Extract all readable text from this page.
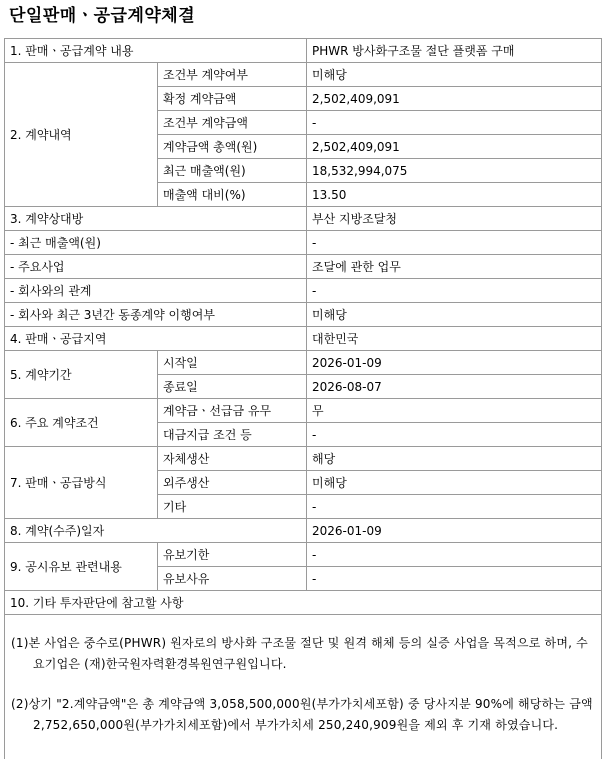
단일판매ㆍ공급계약체결
1. 판매ㆍ공급계약 내용		PHWR 방사화구조물 절단 플랫폼 구매
2. 계약내역	조건부 계약여부	미해당
	확정 계약금액	2,502,409,091
	조건부 계약금액	-
	계약금액 총액(원)	2,502,409,091
	최근 매출액(원)	18,532,994,075
	매출액 대비(%)	13.50
3. 계약상대방		부산 지방조달청
- 최근 매출액(원)		-
- 주요사업		조달에 관한 업무
- 회사와의 관계		-
- 회사와 최근 3년간 동종계약 이행여부		미해당
4. 판매ㆍ공급지역		대한민국
5. 계약기간	시작일	2026-01-09
	종료일	2026-08-07
6. 주요 계약조건	계약금ㆍ선급금 유무	무
	대금지급 조건 등	-
7. 판매ㆍ공급방식	자체생산	해당
	외주생산	미해당
	기타	-
8. 계약(수주)일자		2026-01-09
9. 공시유보 관련내용	유보기한	-
	유보사유	-
10. 기타 투자판단에 참고할 사항		

(1)본 사업은 중수로(PHWR) 원자로의 방사화 구조물 절단 및 원격 해체 등의 실증 사업을 목적으로 하며, 수요기업은 (재)한국원자력환경복원연구원입니다.

(2)상기 "2.계약금액"은 총 계약금액 3,058,500,000원(부가가치세포함) 중 당사지분 90%에 해당하는 금액 2,752,650,000원(부가가치세포함)에서 부가가치세 250,240,909원을 제외 후 기재 하였습니다.		
